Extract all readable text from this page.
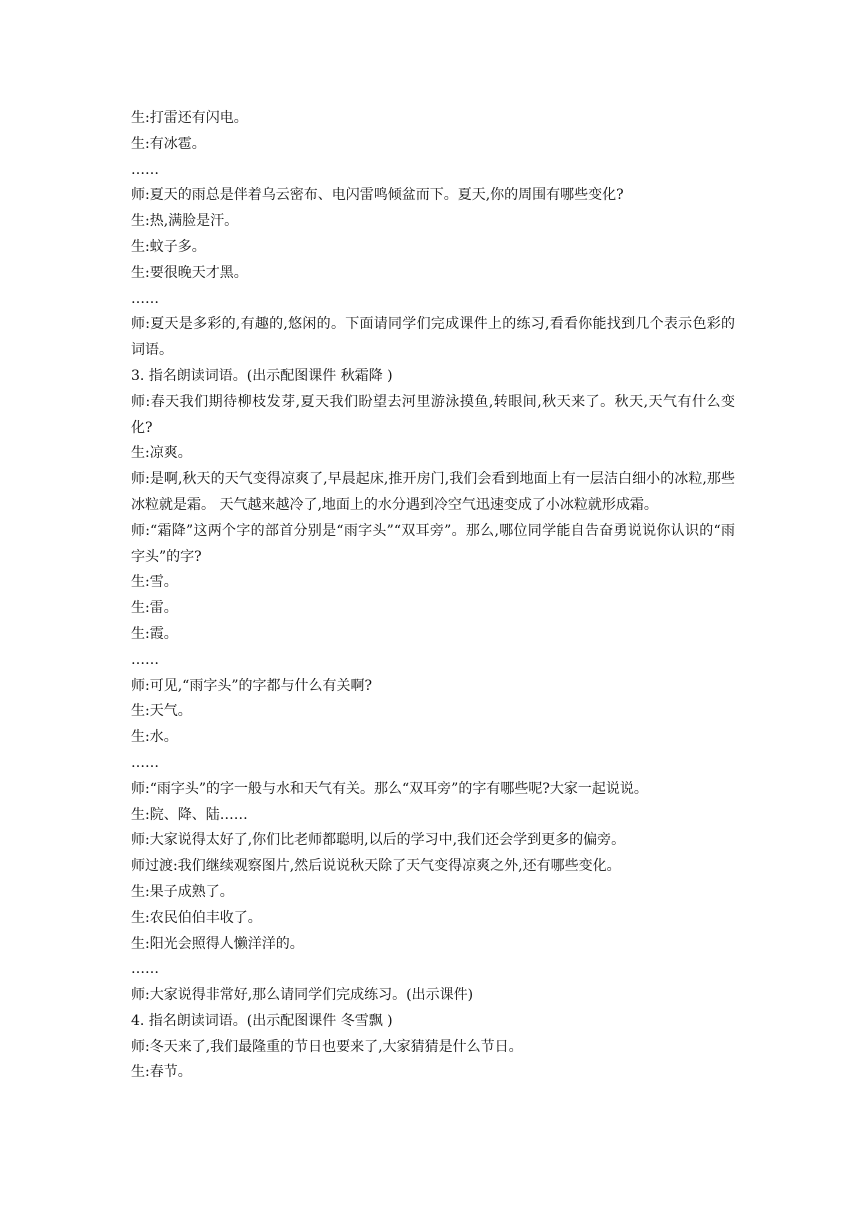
生:打雷还有闪电。

生:有冰雹。

……

师:夏天的雨总是伴着乌云密布、电闪雷鸣倾盆而下。夏天,你的周围有哪些变化?

生:热,满脸是汗。

生:蚊子多。

生:要很晚天才黑。

……

师:夏天是多彩的,有趣的,悠闲的。下面请同学们完成课件上的练习,看看你能找到几个表示色彩的词语。

3. 指名朗读词语。(出示配图课件 秋霜降 )

师:春天我们期待柳枝发芽,夏天我们盼望去河里游泳摸鱼,转眼间,秋天来了。秋天,天气有什么变化?

生:凉爽。

师:是啊,秋天的天气变得凉爽了,早晨起床,推开房门,我们会看到地面上有一层洁白细小的冰粒,那些冰粒就是霜。 天气越来越冷了,地面上的水分遇到冷空气迅速变成了小冰粒就形成霜。

师:“霜降”这两个字的部首分别是“雨字头”“双耳旁”。那么,哪位同学能自告奋勇说说你认识的“雨字头”的字?

生:雪。

生:雷。

生:霞。

……

师:可见,“雨字头”的字都与什么有关啊?

生:天气。

生:水。

……

师:“雨字头”的字一般与水和天气有关。那么“双耳旁”的字有哪些呢?大家一起说说。

生:院、降、陆……

师:大家说得太好了,你们比老师都聪明,以后的学习中,我们还会学到更多的偏旁。

师过渡:我们继续观察图片,然后说说秋天除了天气变得凉爽之外,还有哪些变化。

生:果子成熟了。

生:农民伯伯丰收了。

生:阳光会照得人懒洋洋的。

……

师:大家说得非常好,那么请同学们完成练习。(出示课件)

4. 指名朗读词语。(出示配图课件 冬雪飘 )

师:冬天来了,我们最隆重的节日也要来了,大家猜猜是什么节日。

生:春节。
